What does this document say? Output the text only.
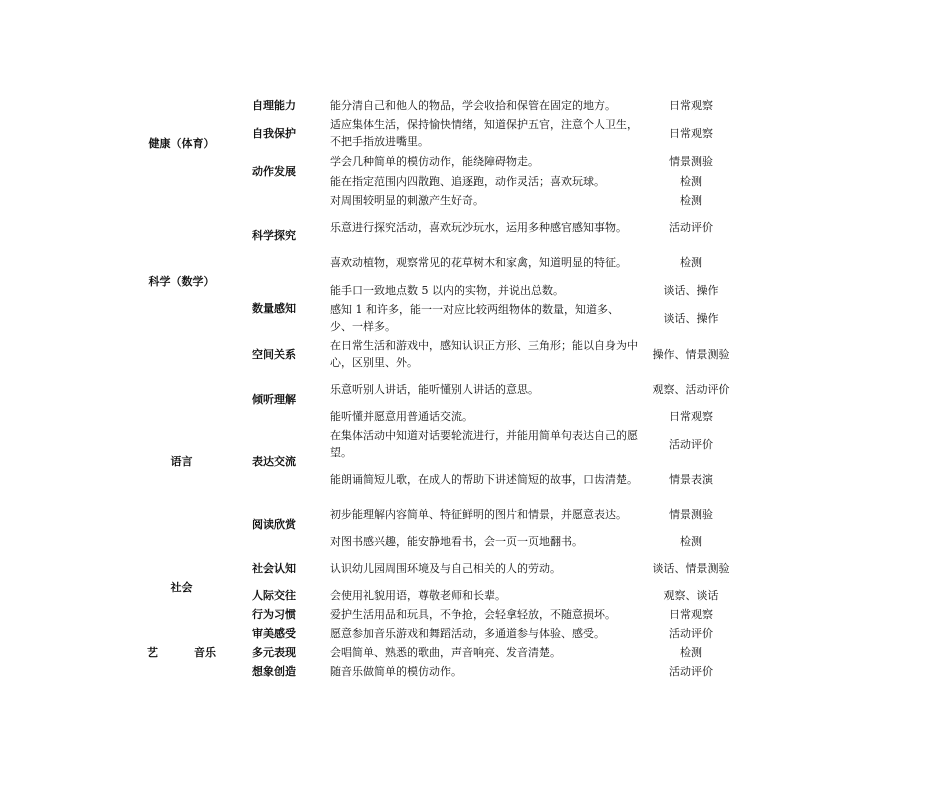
健康（体育）	自理能力	能分清自己和他人的物品，学会收拾和保管在固定的地方。	日常观察
	自我保护	适应集体生活，保持愉快情绪，知道保护五官，注意个人卫生，不把手指放进嘴里。	日常观察
	动作发展	学会几种简单的模仿动作，能绕障碍物走。	情景测验
		能在指定范围内四散跑、追逐跑，动作灵活；喜欢玩球。	检测
科学（数学）	科学探究	对周围较明显的刺激产生好奇。	检测
		乐意进行探究活动，喜欢玩沙玩水，运用多种感官感知事物。	活动评价
		喜欢动植物，观察常见的花草树木和家禽，知道明显的特征。	检测
	数量感知	能手口一致地点数 5 以内的实物，并说出总数。	谈话、操作
		感知 1 和许多，能一一对应比较两组物体的数量，知道多、少、一样多。	谈话、操作
	空间关系	在日常生活和游戏中，感知认识正方形、三角形；能以自身为中心，区别里、外。	操作、情景测验
语言	倾听理解	乐意听别人讲话，能听懂别人讲话的意思。	观察、活动评价
		能听懂并愿意用普通话交流。	日常观察
	表达交流	在集体活动中知道对话要轮流进行，并能用简单句表达自己的愿望。	活动评价
		能朗诵简短儿歌，在成人的帮助下讲述简短的故事，口齿清楚。	情景表演
	阅读欣赏	初步能理解内容简单、特征鲜明的图片和情景，并愿意表达。	情景测验
		对图书感兴趣，能安静地看书，会一页一页地翻书。	检测
社会	社会认知	认识幼儿园周围环境及与自己相关的人的劳动。	谈话、情景测验
	人际交往	会使用礼貌用语，尊敬老师和长辈。	观察、谈话
	行为习惯	爱护生活用品和玩具，不争抢，会轻拿轻放，不随意损坏。	日常观察

艺 音乐	审美感受	愿意参加音乐游戏和舞蹈活动，多通道参与体验、感受。	活动评价
	多元表现	会唱简单、熟悉的歌曲，声音响亮、发音清楚。	检测
	想象创造	随音乐做简单的模仿动作。	活动评价
